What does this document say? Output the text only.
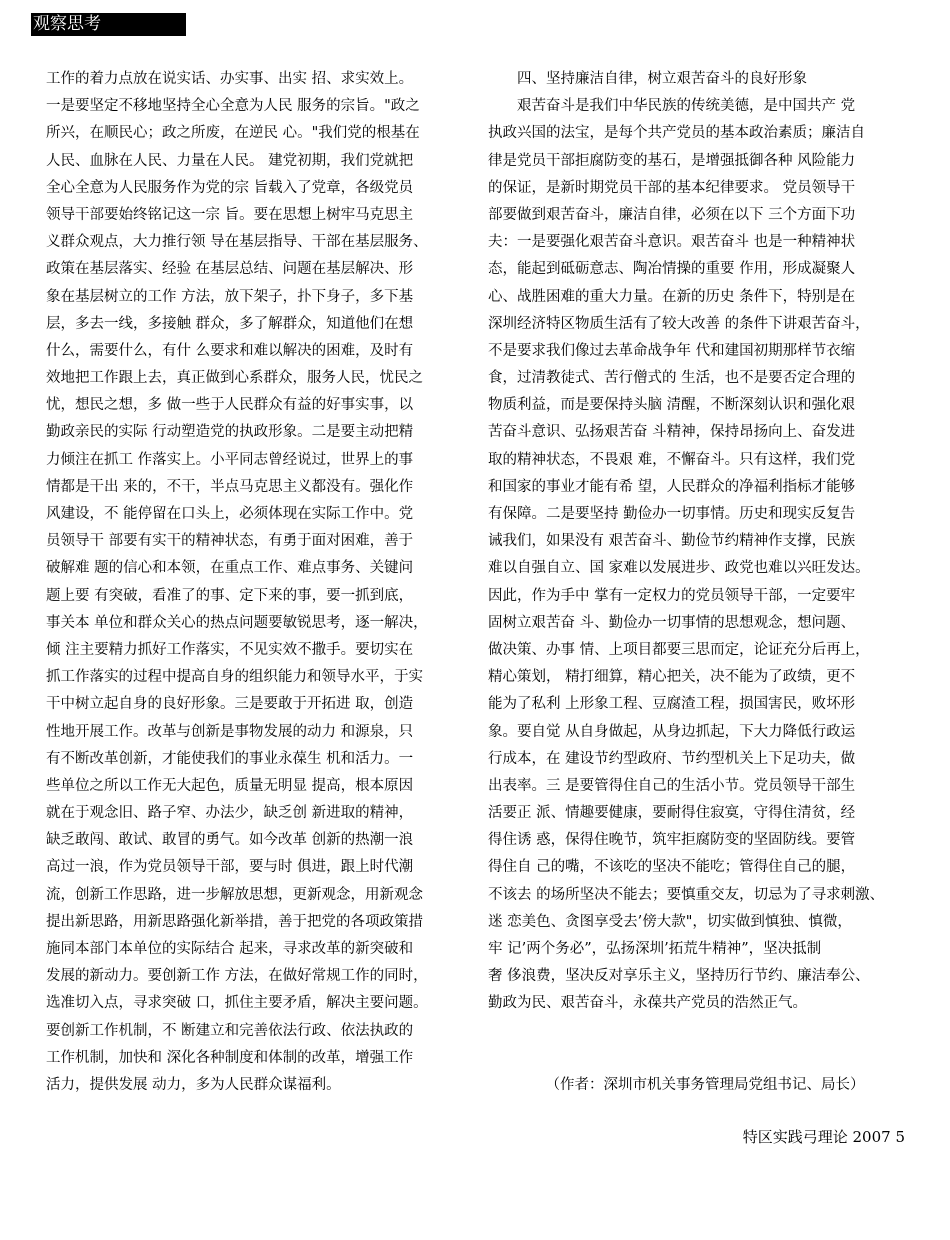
观察思考
工作的着力点放在说实话、办实事、出实 招、求实效上。
一是要坚定不移地坚持全心全意为人民 服务的宗旨。"政之
所兴，在顺民心；政之所废，在逆民 心。"我们党的根基在
人民、血脉在人民、力量在人民。 建党初期，我们党就把
全心全意为人民服务作为党的宗 旨载入了党章，各级党员
领导干部要始终铭记这一宗 旨。要在思想上树牢马克思主
义群众观点，大力推行领 导在基层指导、干部在基层服务、
政策在基层落实、经验 在基层总结、问题在基层解决、形
象在基层树立的工作 方法，放下架子，扑下身子，多下基
层，多去一线，多接触 群众，多了解群众，知道他们在想
什么，需要什么，有什 么要求和难以解决的困难，及时有
效地把工作跟上去，真正做到心系群众，服务人民，忧民之
忧，想民之想，多 做一些于人民群众有益的好事实事，以
勤政亲民的实际 行动塑造党的执政形象。二是要主动把精
力倾注在抓工 作落实上。小平同志曾经说过，世界上的事
情都是干出 来的，不干，半点马克思主义都没有。强化作
风建设，不 能停留在口头上，必须体现在实际工作中。党
员领导干 部要有实干的精神状态，有勇于面对困难，善于
破解难 题的信心和本领，在重点工作、难点事务、关键问
题上要 有突破，看准了的事、定下来的事，要一抓到底，
事关本 单位和群众关心的热点问题要敏锐思考，逐一解决，
倾 注主要精力抓好工作落实，不见实效不撒手。要切实在
抓工作落实的过程中提高自身的组织能力和领导水平，于实
干中树立起自身的良好形象。三是要敢于开拓进 取，创造
性地开展工作。改革与创新是事物发展的动力 和源泉，只
有不断改革创新，才能使我们的事业永葆生 机和活力。一
些单位之所以工作无大起色，质量无明显 提高，根本原因
就在于观念旧、路子窄、办法少，缺乏创 新进取的精神，
缺乏敢闯、敢试、敢冒的勇气。如今改革 创新的热潮一浪
高过一浪，作为党员领导干部，要与时 俱进，跟上时代潮
流，创新工作思路，进一步解放思想，更新观念，用新观念
提出新思路，用新思路强化新举措，善于把党的各项政策措
施同本部门本单位的实际结合 起来，寻求改革的新突破和
发展的新动力。要创新工作 方法，在做好常规工作的同时，
选准切入点，寻求突破 口，抓住主要矛盾，解决主要问题。
要创新工作机制，不 断建立和完善依法行政、依法执政的
工作机制，加快和 深化各种制度和体制的改革，增强工作
活力，提供发展 动力，多为人民群众谋福利。
　　四、坚持廉洁自律，树立艰苦奋斗的良好形象
　　艰苦奋斗是我们中华民族的传统美德，是中国共产 党
执政兴国的法宝，是每个共产党员的基本政治素质；廉洁自
律是党员干部拒腐防变的基石，是增强抵御各种 风险能力
的保证，是新时期党员干部的基本纪律要求。 党员领导干
部要做到艰苦奋斗，廉洁自律，必须在以下 三个方面下功
夫：一是要强化艰苦奋斗意识。艰苦奋斗 也是一种精神状
态，能起到砥砺意志、陶冶情操的重要 作用，形成凝聚人
心、战胜困难的重大力量。在新的历史 条件下，特别是在
深圳经济特区物质生活有了较大改善 的条件下讲艰苦奋斗，
不是要求我们像过去革命战争年 代和建国初期那样节衣缩
食，过清教徒式、苦行僧式的 生活，也不是要否定合理的
物质利益，而是要保持头脑 清醒，不断深刻认识和强化艰
苦奋斗意识、弘扬艰苦奋 斗精神，保持昂扬向上、奋发进
取的精神状态，不畏艰 难，不懈奋斗。只有这样，我们党
和国家的事业才能有希 望，人民群众的净福利指标才能够
有保障。二是要坚持 勤俭办一切事情。历史和现实反复告
诫我们，如果没有 艰苦奋斗、勤俭节约精神作支撑，民族
难以自强自立、国 家难以发展进步、政党也难以兴旺发达。
因此，作为手中 掌有一定权力的党员领导干部，一定要牢
固树立艰苦奋 斗、勤俭办一切事情的思想观念，想问题、
做决策、办事 情、上项目都要三思而定，论证充分后再上，
精心策划， 精打细算，精心把关，决不能为了政绩，更不
能为了私利 上形象工程、豆腐渣工程，损国害民，败坏形
象。要自觉 从自身做起，从身边抓起，下大力降低行政运
行成本，在 建设节约型政府、节约型机关上下足功夫，做
出表率。三 是要管得住自己的生活小节。党员领导干部生
活要正 派、情趣要健康，要耐得住寂寞，守得住清贫，经
得住诱 惑，保得住晚节，筑牢拒腐防变的坚固防线。要管
得住自 己的嘴，不该吃的坚决不能吃；管得住自己的腿，
不该去 的场所坚决不能去；要慎重交友，切忌为了寻求刺激、
迷 恋美色、贪图享受去’傍大款"，切实做到慎独、慎微，
牢 记’两个务必”，弘扬深圳’拓荒牛精神”，坚决抵制
奢 侈浪费，坚决反对享乐主义，坚持历行节约、廉洁奉公、
勤政为民、艰苦奋斗，永葆共产党员的浩然正气。
（作者：深圳市机关事务管理局党组书记、局长）
特区实践弓理论 2007 5
